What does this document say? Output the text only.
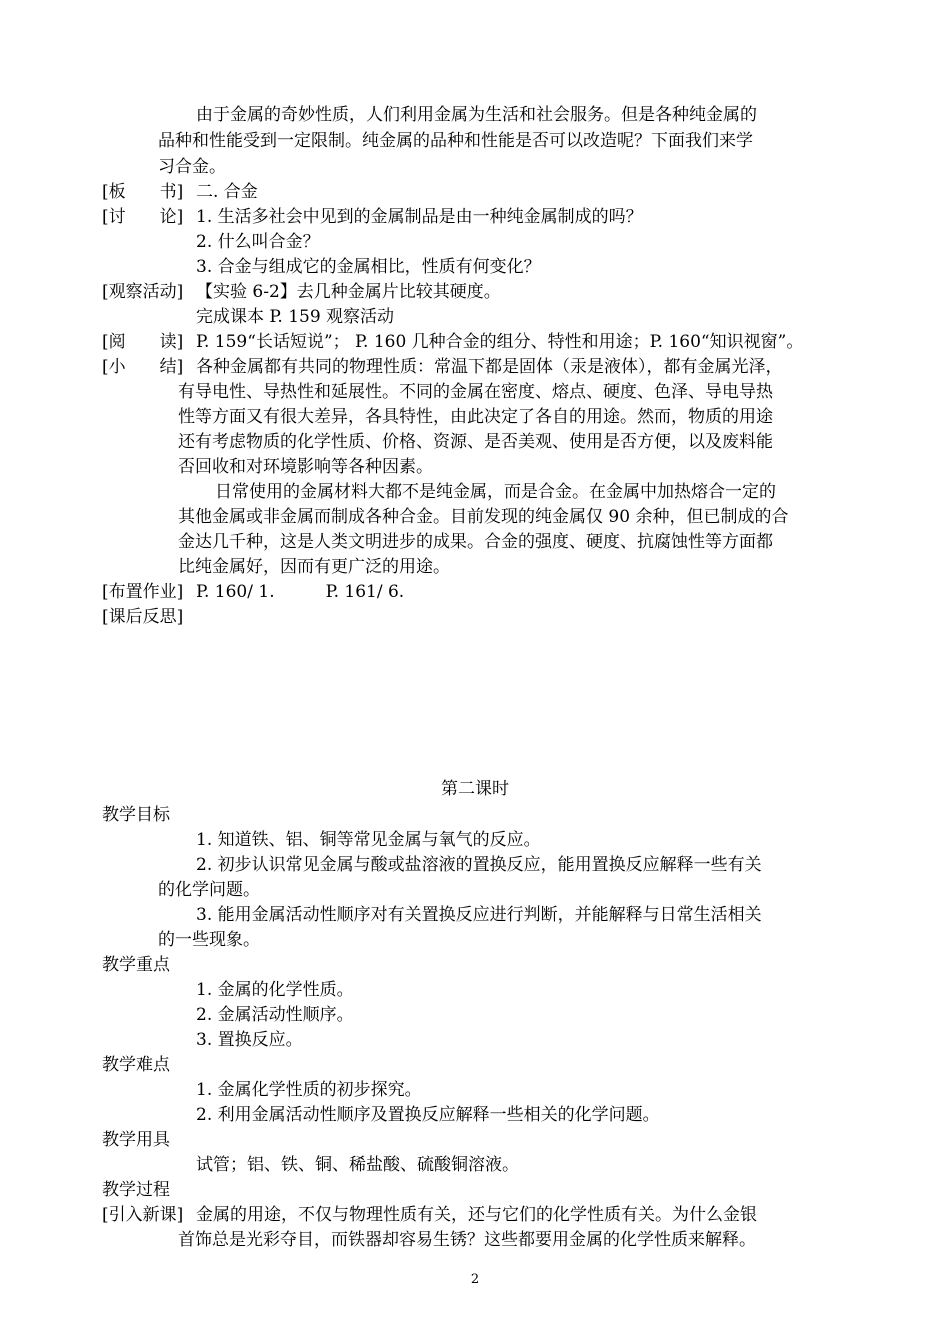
由于金属的奇妙性质，人们利用金属为生活和社会服务。但是各种纯金属的
品种和性能受到一定限制。纯金属的品种和性能是否可以改造呢？下面我们来学
习合金。
[板　　书] 二. 合金
[讨　　论] 1. 生活多社会中见到的金属制品是由一种纯金属制成的吗？
2. 什么叫合金？
3. 合金与组成它的金属相比，性质有何变化？
[观察活动] 【实验 6-2】去几种金属片比较其硬度。
完成课本 P. 159 观察活动
[阅　　读] P. 159“长话短说”； P. 160 几种合金的组分、特性和用途；P. 160“知识视窗”。
[小　　结] 各种金属都有共同的物理性质：常温下都是固体（汞是液体），都有金属光泽，
有导电性、导热性和延展性。不同的金属在密度、熔点、硬度、色泽、导电导热
性等方面又有很大差异，各具特性，由此决定了各自的用途。然而，物质的用途
还有考虑物质的化学性质、价格、资源、是否美观、使用是否方便，以及废料能
否回收和对环境影响等各种因素。
日常使用的金属材料大都不是纯金属，而是合金。在金属中加热熔合一定的
其他金属或非金属而制成各种合金。目前发现的纯金属仅 90 余种，但已制成的合
金达几千种，这是人类文明进步的成果。合金的强度、硬度、抗腐蚀性等方面都
比纯金属好，因而有更广泛的用途。
[布置作业] P. 160/ 1.　　　P. 161/ 6.
[课后反思]
第二课时
教学目标
1. 知道铁、铝、铜等常见金属与氧气的反应。
2. 初步认识常见金属与酸或盐溶液的置换反应，能用置换反应解释一些有关
的化学问题。
3. 能用金属活动性顺序对有关置换反应进行判断，并能解释与日常生活相关
的一些现象。
教学重点
1. 金属的化学性质。
2. 金属活动性顺序。
3. 置换反应。
教学难点
1. 金属化学性质的初步探究。
2. 利用金属活动性顺序及置换反应解释一些相关的化学问题。
教学用具
试管；铝、铁、铜、稀盐酸、硫酸铜溶液。
教学过程
[引入新课] 金属的用途，不仅与物理性质有关，还与它们的化学性质有关。为什么金银
首饰总是光彩夺目，而铁器却容易生锈？这些都要用金属的化学性质来解释。
2
